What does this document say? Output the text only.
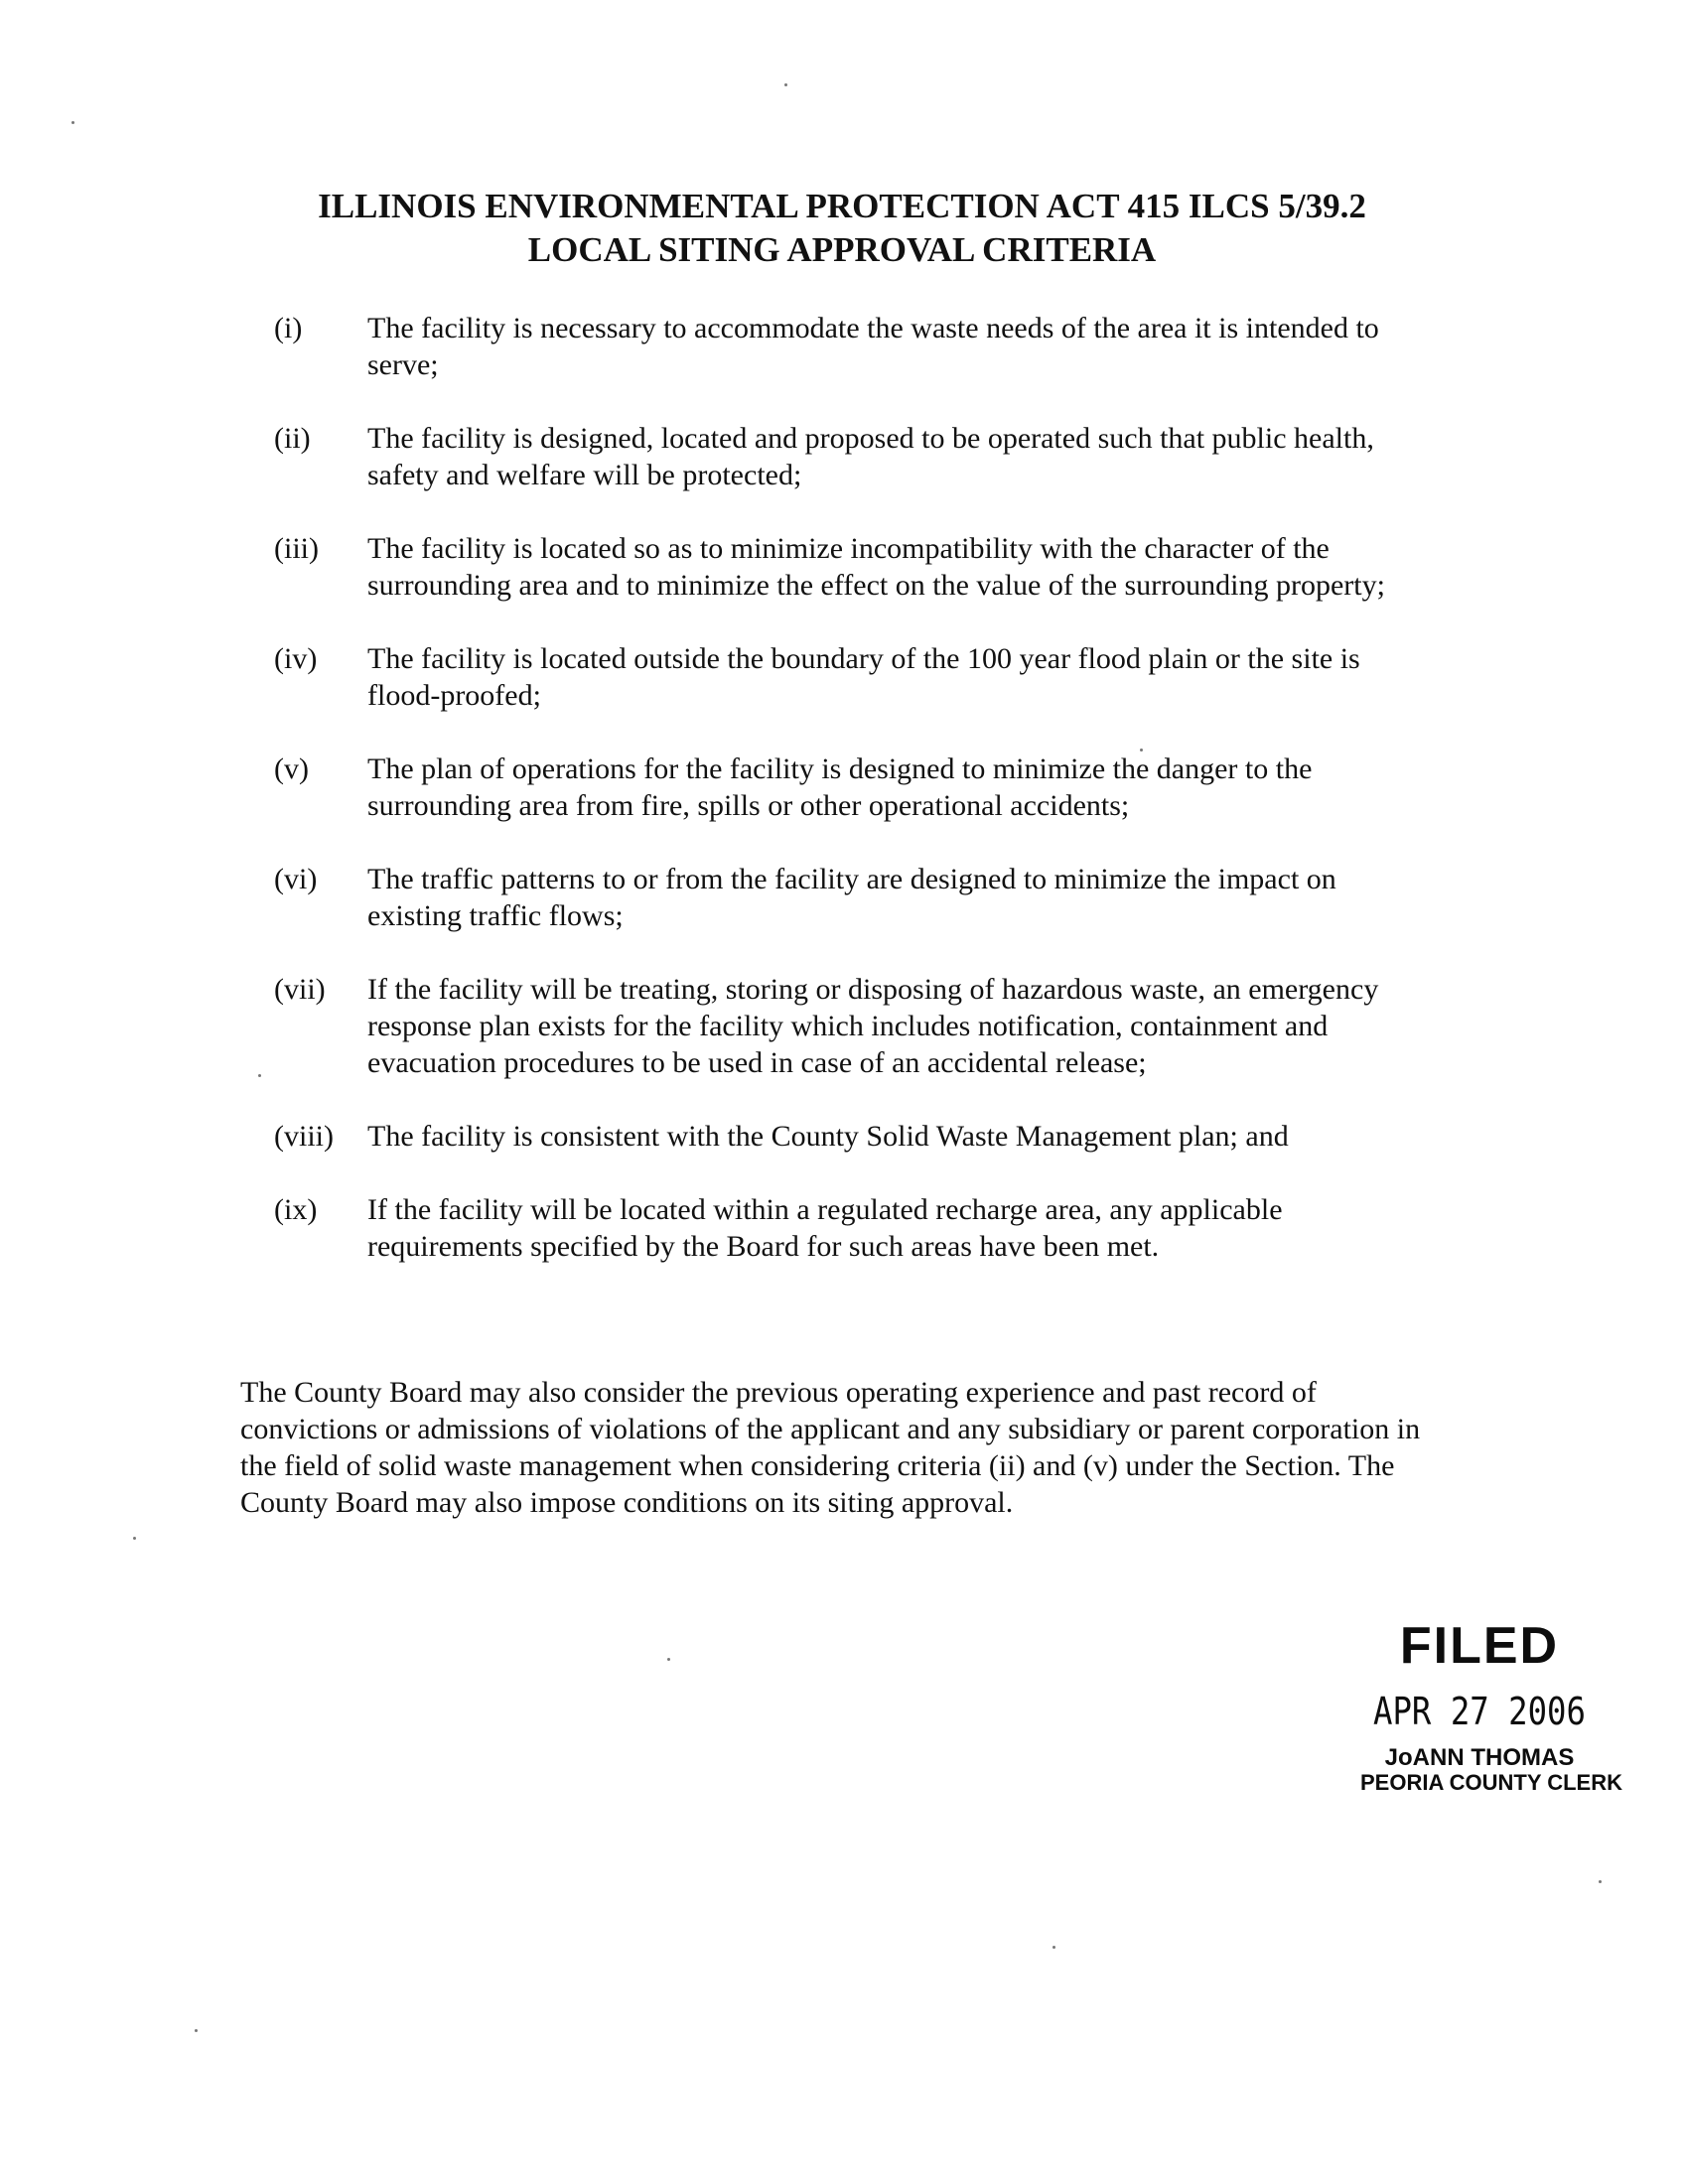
ILLINOIS ENVIRONMENTAL PROTECTION ACT 415 ILCS 5/39.2
LOCAL SITING APPROVAL CRITERIA
(i)	The facility is necessary to accommodate the waste needs of the area it is intended to serve;
(ii)	The facility is designed, located and proposed to be operated such that public health, safety and welfare will be protected;
(iii)	The facility is located so as to minimize incompatibility with the character of the surrounding area and to minimize the effect on the value of the surrounding property;
(iv)	The facility is located outside the boundary of the 100 year flood plain or the site is flood-proofed;
(v)	The plan of operations for the facility is designed to minimize the danger to the surrounding area from fire, spills or other operational accidents;
(vi)	The traffic patterns to or from the facility are designed to minimize the impact on existing traffic flows;
(vii)	If the facility will be treating, storing or disposing of hazardous waste, an emergency response plan exists for the facility which includes notification, containment and evacuation procedures to be used in case of an accidental release;
(viii)	The facility is consistent with the County Solid Waste Management plan; and
(ix)	If the facility will be located within a regulated recharge area, any applicable requirements specified by the Board for such areas have been met.
The County Board may also consider the previous operating experience and past record of convictions or admissions of violations of the applicant and any subsidiary or parent corporation in the field of solid waste management when considering criteria (ii) and (v) under the Section. The County Board may also impose conditions on its siting approval.
FILED
APR 27 2006
JoANN THOMAS
PEORIA COUNTY CLERK
